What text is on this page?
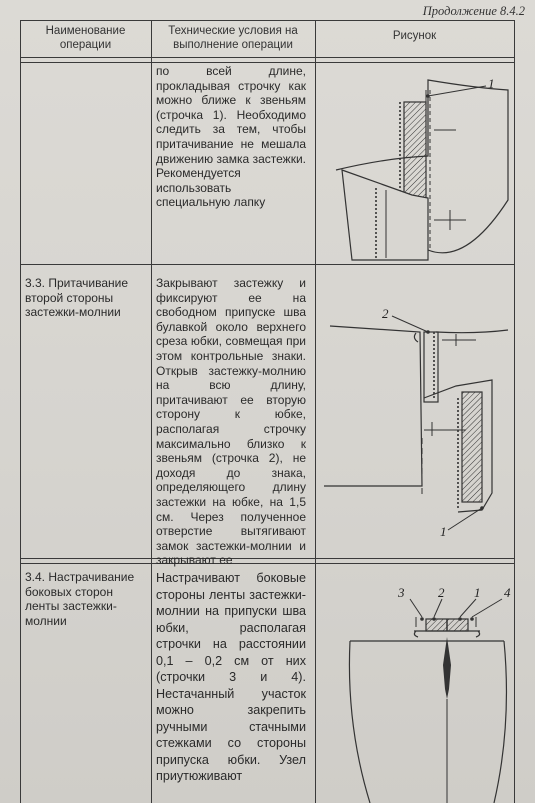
Продолжение 8.4.2
Наименование операции
Технические условия на выполнение операции
Рисунок
по всей длине, прокладывая строчку как можно ближе к звеньям (строчка 1). Необходимо следить за тем, чтобы притачивание не мешала движению замка застежки. Рекомендуется использовать специальную лапку
3.3. Притачивание второй стороны застежки-молнии
Закрывают застежку и фиксируют ее на свободном припуске шва булавкой около верхнего среза юбки, совмещая при этом контрольные знаки. Открыв застежку-молнию на всю длину, притачивают ее вторую сторону к юбке, располагая строчку максимально близко к звеньям (строчка 2), не доходя до знака, определяющего длину застежки на юбке, на 1,5 см. Через полученное отверстие вытягивают замок застежки-молнии и закрывают ее
3.4. Настрачивание боковых сторон ленты застежки-молнии
Настрачивают боковые стороны ленты застежки-молнии на припуски шва юбки, располагая строчки на расстоянии 0,1 – 0,2 см от них (строчки 3 и 4). Нестачанный участок можно закрепить ручными стачными стежками со стороны припуска юбки. Узел приутюживают
1
2
1
3	2 1 4
